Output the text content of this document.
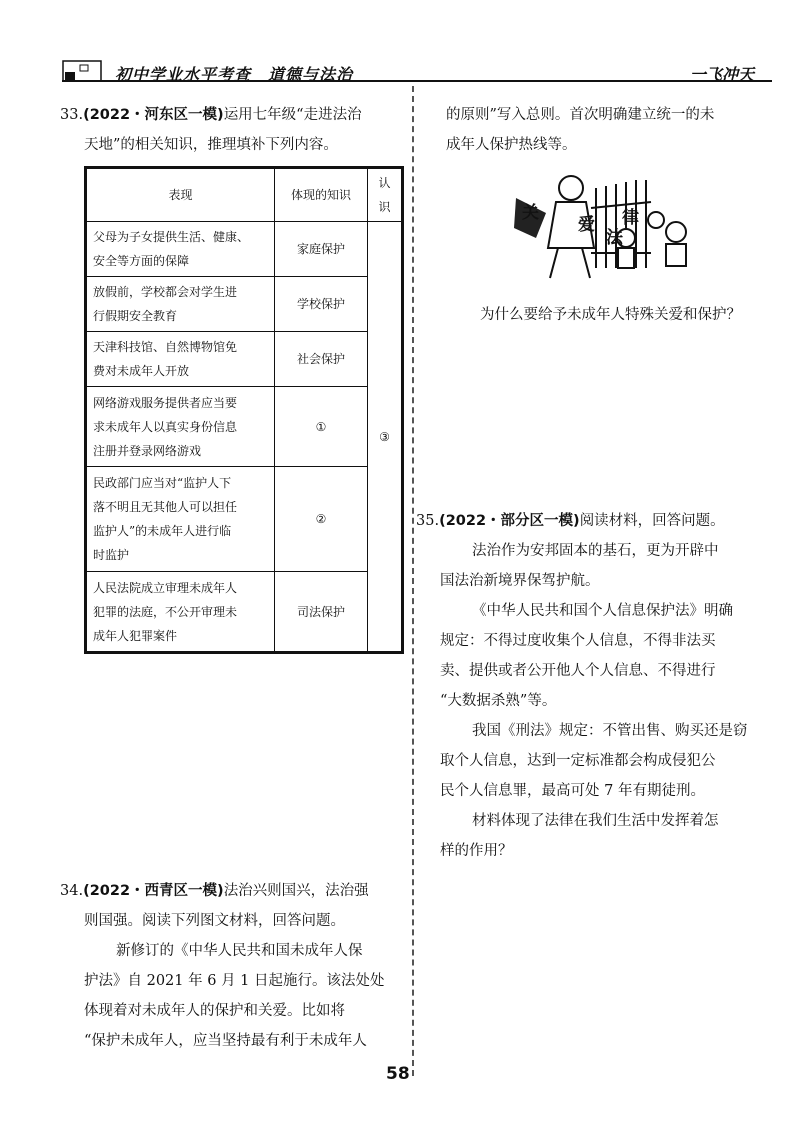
初中学业水平考查　道德与法治	一飞冲天
33.(2022・河东区一模)运用七年级“走进法治
天地”的相关知识，推理填补下列内容。
表现	体现的知识	认识

父母为子女提供生活、健康、
安全等方面的保障	家庭保护	③

放假前，学校都会对学生进
行假期安全教育	学校保护	

天津科技馆、自然博物馆免
费对未成年人开放	社会保护	

网络游戏服务提供者应当要
求未成年人以真实身份信息
注册并登录网络游戏	①	

民政部门应当对“监护人下
落不明且无其他人可以担任
监护人”的未成年人进行临
时监护	②	

人民法院成立审理未成年人
犯罪的法庭，不公开审理未
成年人犯罪案件	司法保护	
的原则”写入总则。首次明确建立统一的未
成年人保护热线等。
关
爱
法
律
为什么要给予未成年人特殊关爱和保护？
35.(2022・部分区一模)阅读材料，回答问题。
法治作为安邦固本的基石，更为开辟中
国法治新境界保驾护航。
《中华人民共和国个人信息保护法》明确
规定：不得过度收集个人信息，不得非法买
卖、提供或者公开他人个人信息、不得进行
“大数据杀熟”等。
我国《刑法》规定：不管出售、购买还是窃
取个人信息，达到一定标准都会构成侵犯公
民个人信息罪，最高可处 7 年有期徒刑。
材料体现了法律在我们生活中发挥着怎
样的作用？
34.(2022・西青区一模)法治兴则国兴，法治强
则国强。阅读下列图文材料，回答问题。
新修订的《中华人民共和国未成年人保
护法》自 2021 年 6 月 1 日起施行。该法处处
体现着对未成年人的保护和关爱。比如将
“保护未成年人，应当坚持最有利于未成年人
58
